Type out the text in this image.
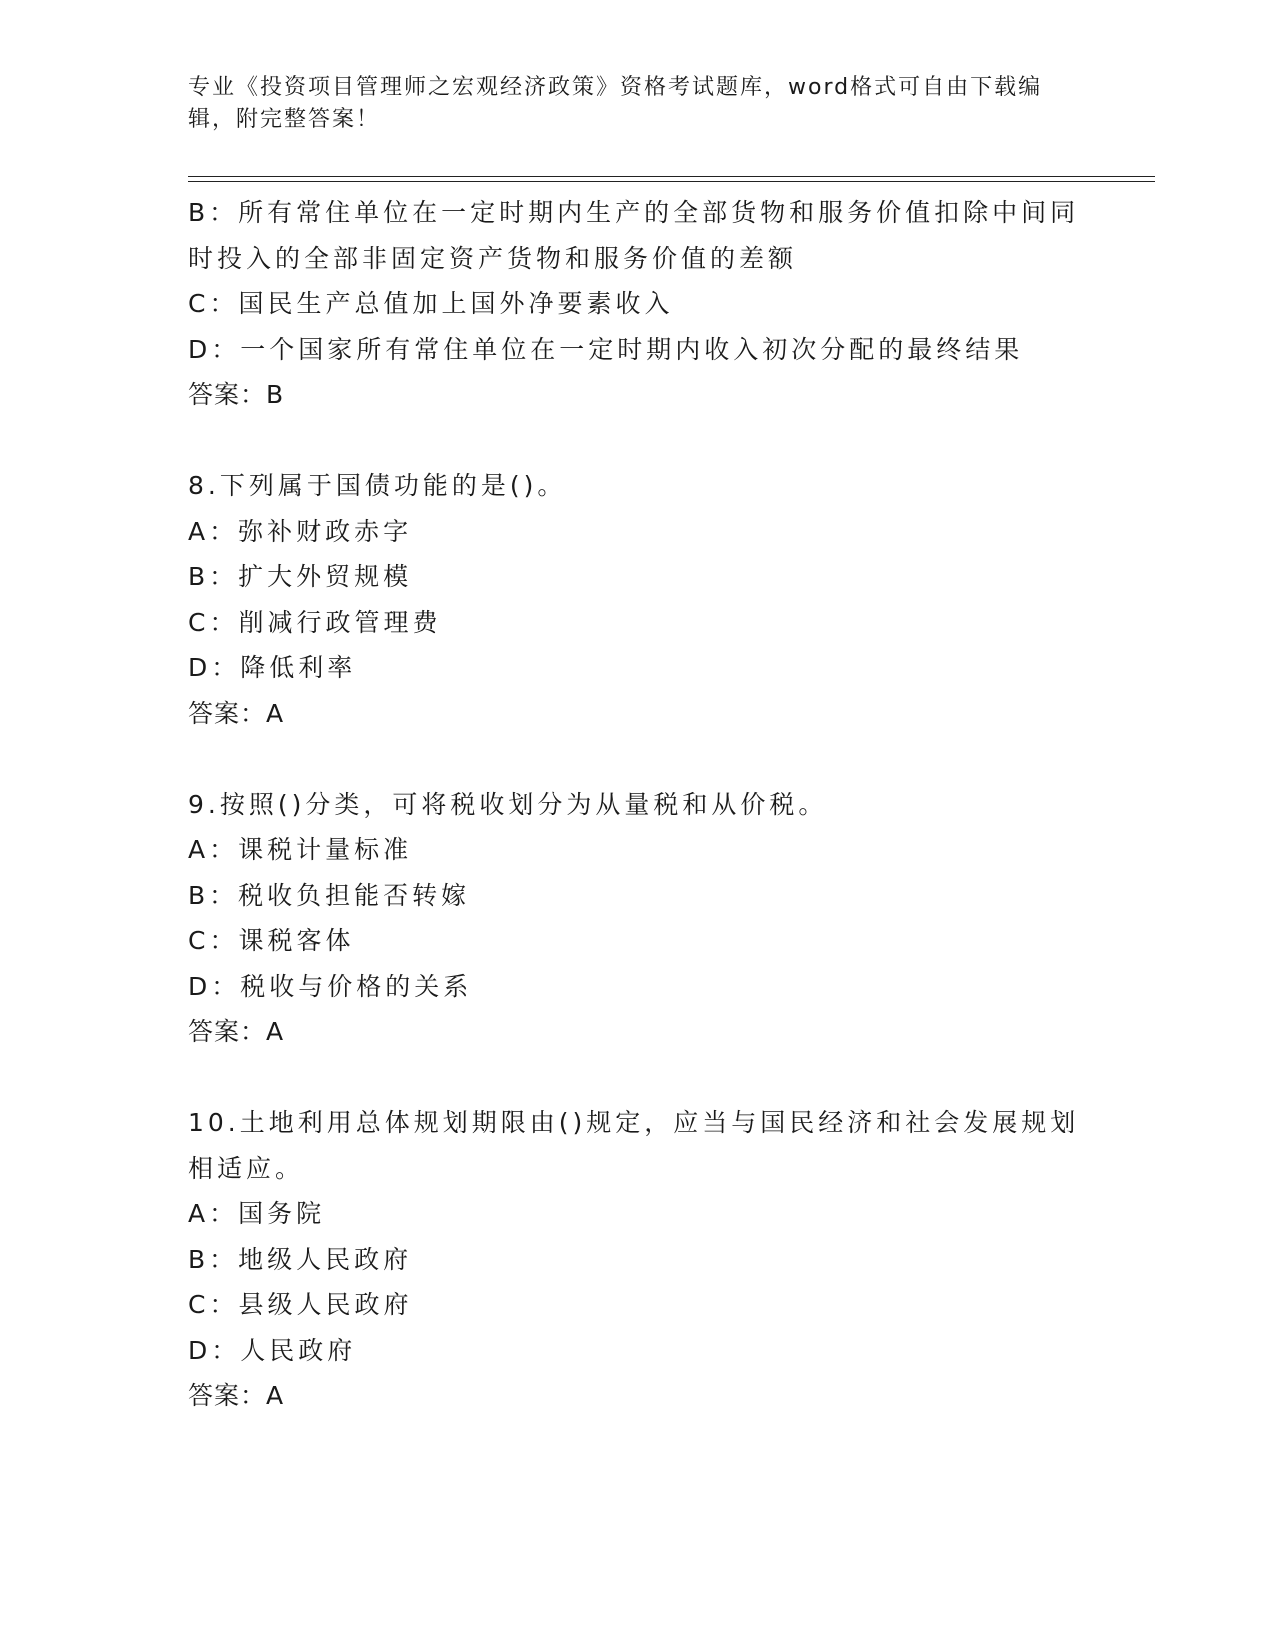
专业《投资项目管理师之宏观经济政策》资格考试题库，word格式可自由下载编辑，附完整答案！
B：所有常住单位在一定时期内生产的全部货物和服务价值扣除中间同时投入的全部非固定资产货物和服务价值的差额
C：国民生产总值加上国外净要素收入
D：一个国家所有常住单位在一定时期内收入初次分配的最终结果
答案：B
8.下列属于国债功能的是()。
A：弥补财政赤字
B：扩大外贸规模
C：削减行政管理费
D：降低利率
答案：A
9.按照()分类，可将税收划分为从量税和从价税。
A：课税计量标准
B：税收负担能否转嫁
C：课税客体
D：税收与价格的关系
答案：A
10.土地利用总体规划期限由()规定，应当与国民经济和社会发展规划相适应。
A：国务院
B：地级人民政府
C：县级人民政府
D：人民政府
答案：A
